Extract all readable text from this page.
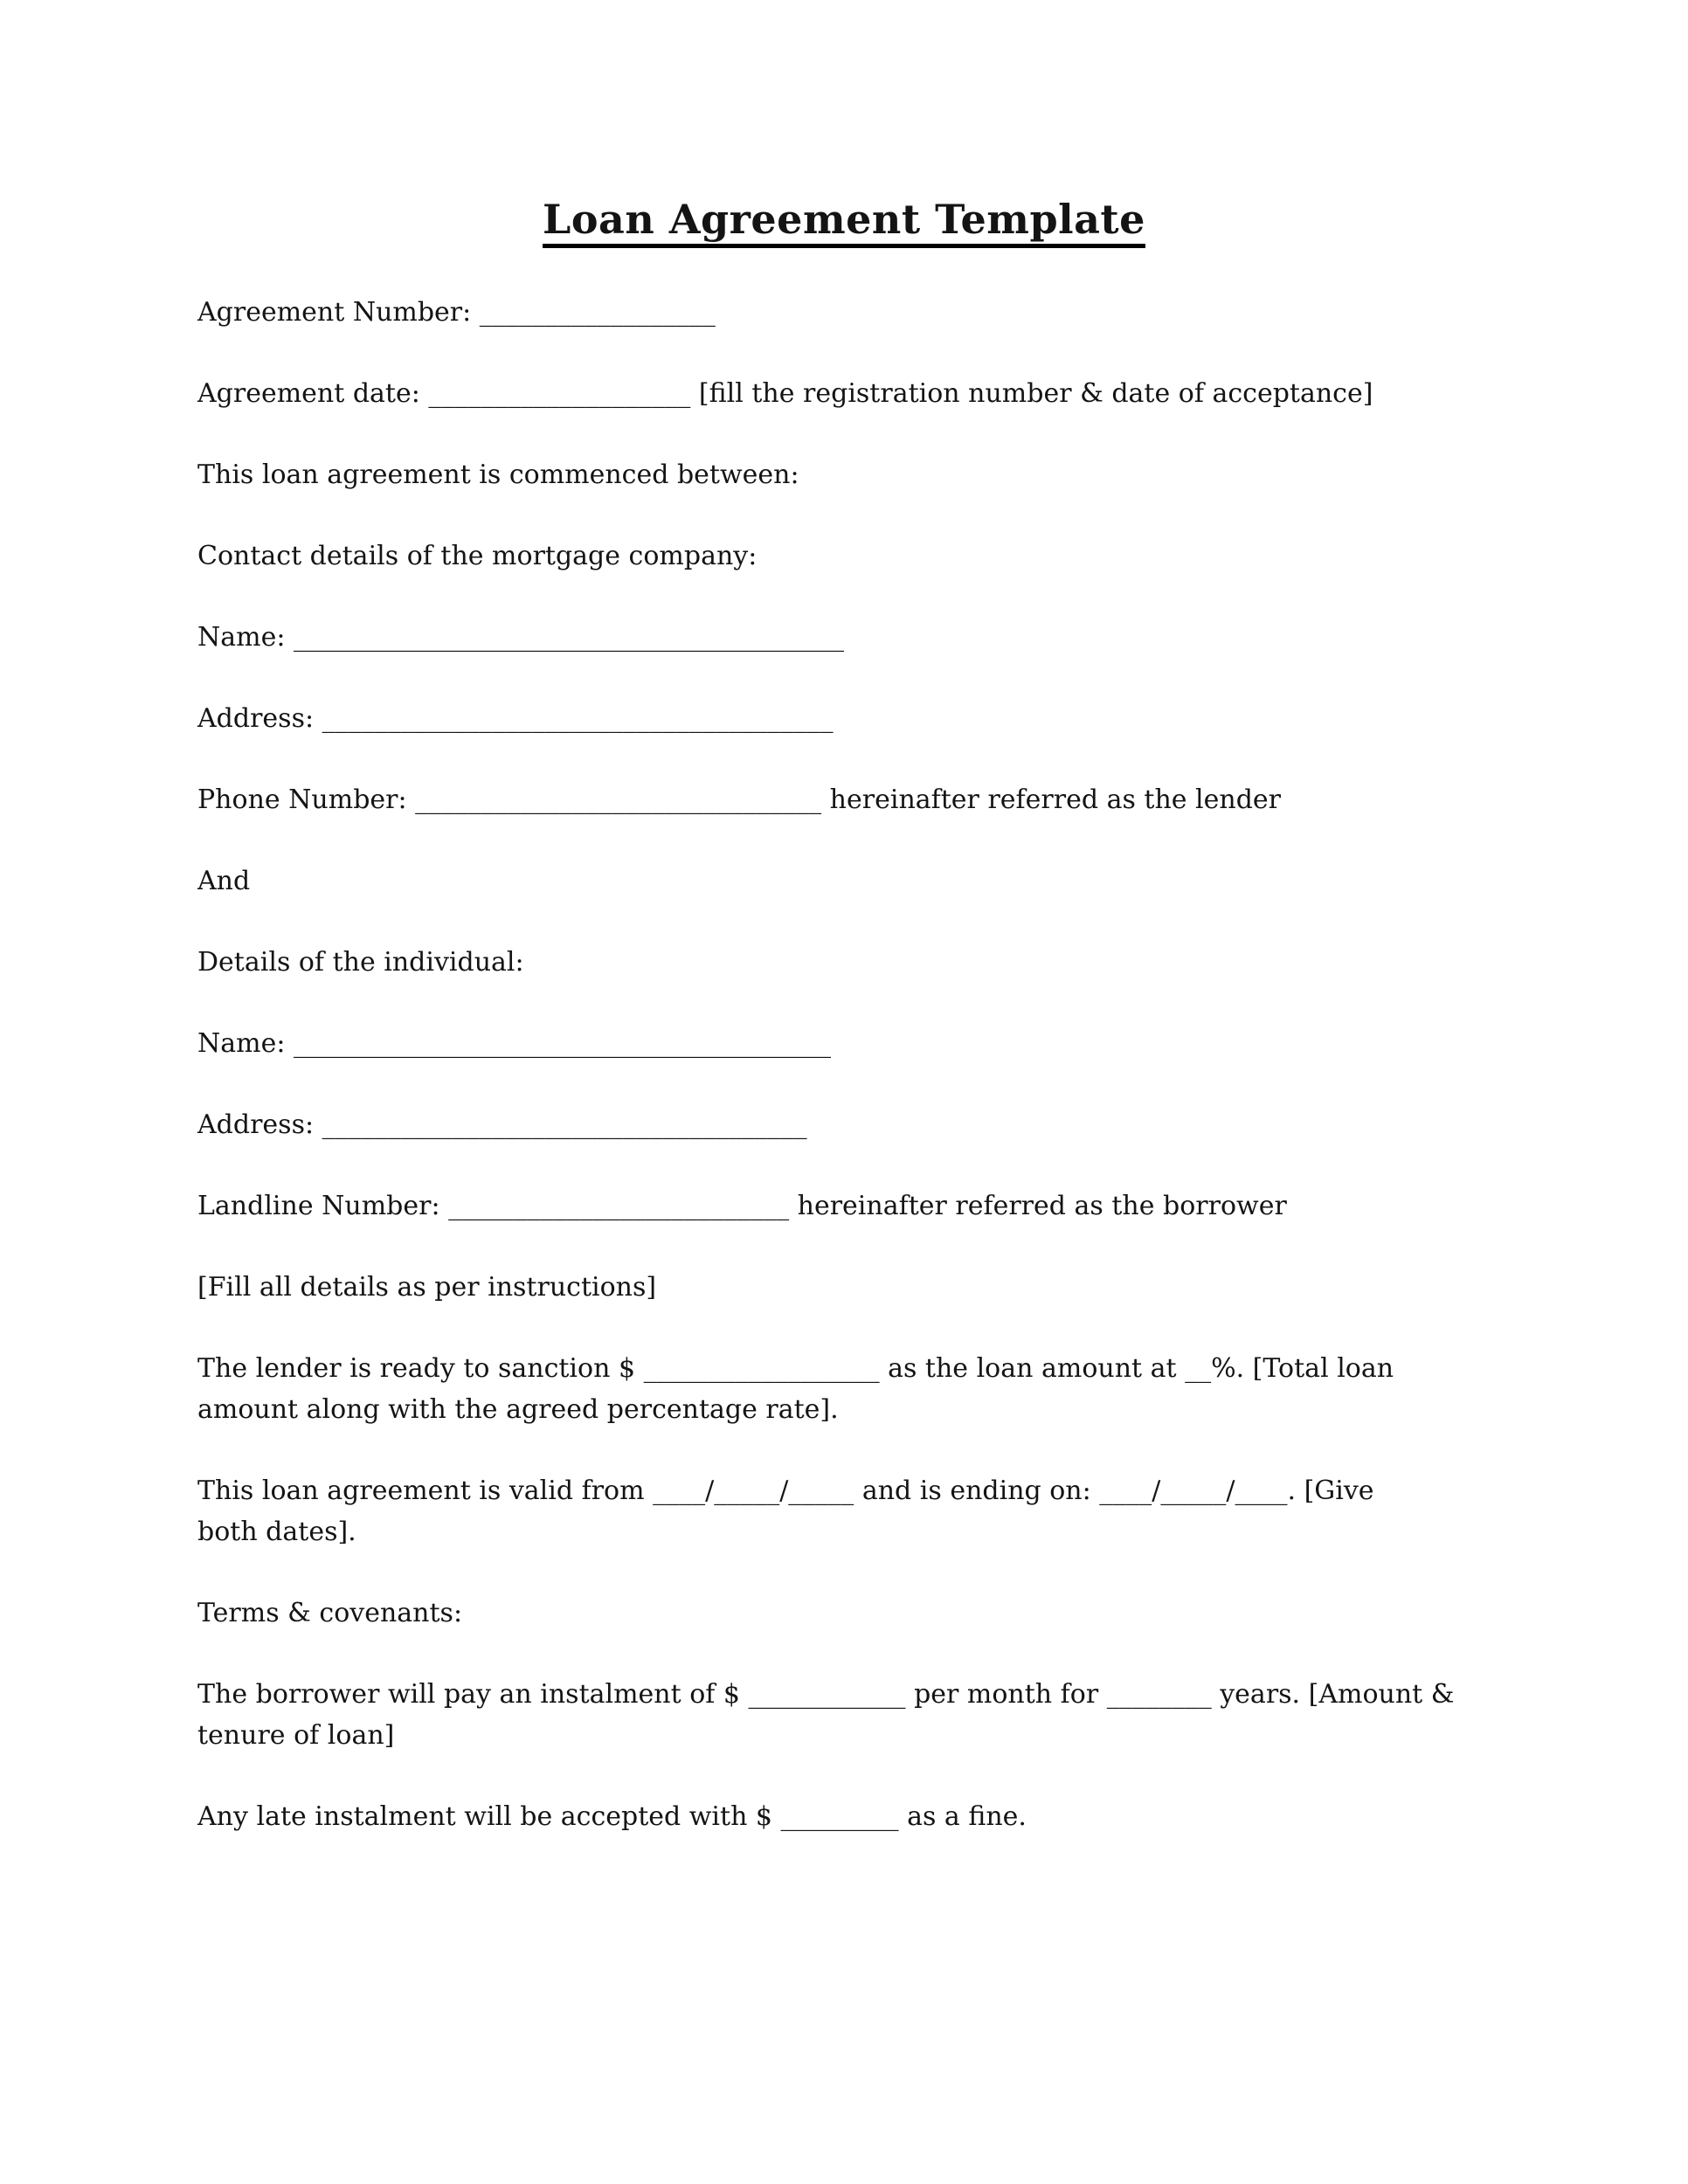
Loan Agreement Template

Agreement Number: __________________

Agreement date: ____________________ [fill the registration number & date of acceptance]

This loan agreement is commenced between:

Contact details of the mortgage company:

Name: __________________________________________

Address: _______________________________________

Phone Number: _______________________________ hereinafter referred as the lender

And

Details of the individual:

Name: _________________________________________

Address: _____________________________________

Landline Number: __________________________ hereinafter referred as the borrower

[Fill all details as per instructions]

The lender is ready to sanction $ __________________ as the loan amount at __%. [Total loan
amount along with the agreed percentage rate].

This loan agreement is valid from ____/_____/_____ and is ending on: ____/_____/____. [Give
both dates].

Terms & covenants:

The borrower will pay an instalment of $ ____________ per month for ________ years. [Amount &
tenure of loan]

Any late instalment will be accepted with $ _________ as a fine.
